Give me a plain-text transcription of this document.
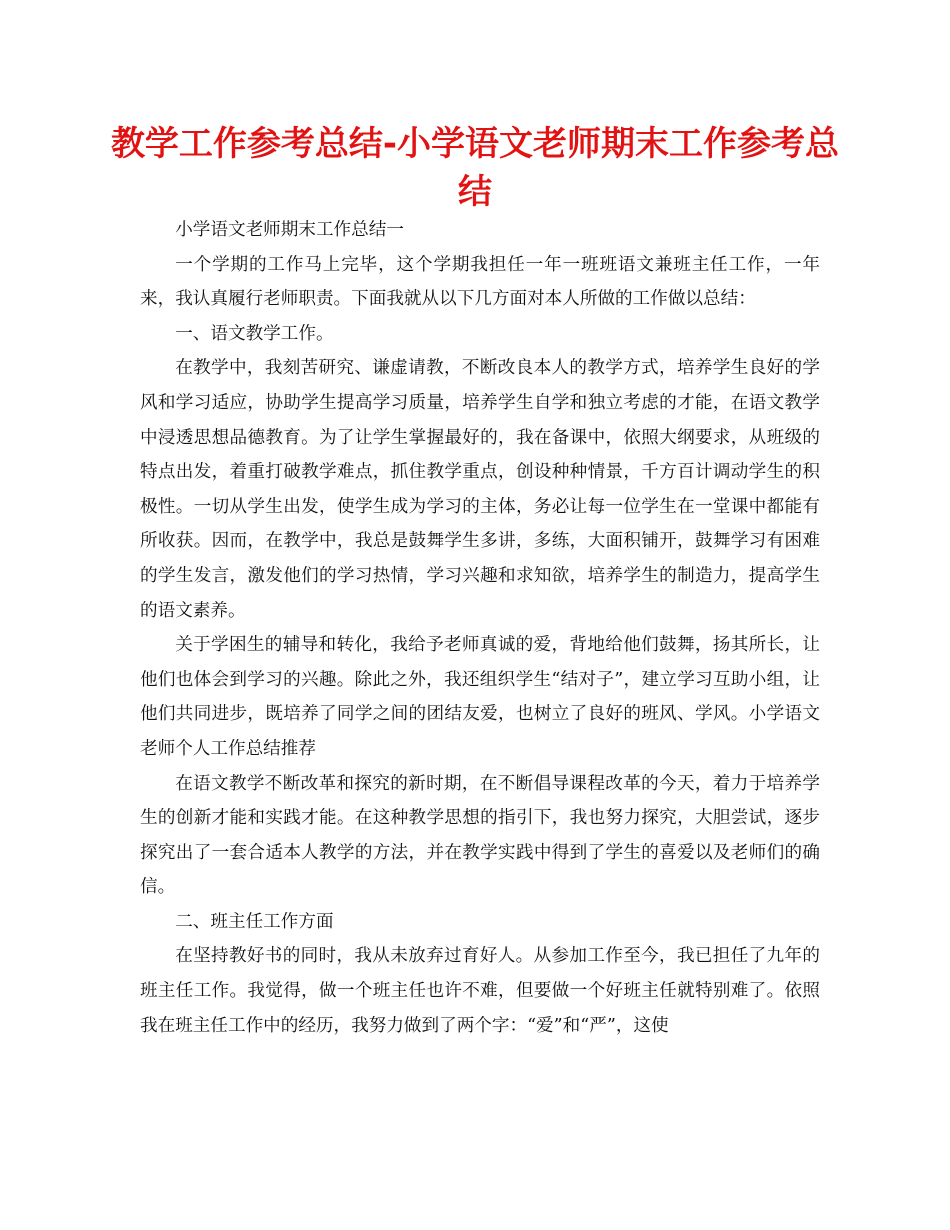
教学工作参考总结-小学语文老师期末工作参考总结

小学语文老师期末工作总结一

一个学期的工作马上完毕，这个学期我担任一年一班班语文兼班主任工作，一年来，我认真履行老师职责。下面我就从以下几方面对本人所做的工作做以总结：

一、语文教学工作。

在教学中，我刻苦研究、谦虚请教，不断改良本人的教学方式，培养学生良好的学风和学习适应，协助学生提高学习质量，培养学生自学和独立考虑的才能，在语文教学中浸透思想品德教育。为了让学生掌握最好的，我在备课中，依照大纲要求，从班级的特点出发，着重打破教学难点，抓住教学重点，创设种种情景，千方百计调动学生的积极性。一切从学生出发，使学生成为学习的主体，务必让每一位学生在一堂课中都能有所收获。因而，在教学中，我总是鼓舞学生多讲，多练，大面积铺开，鼓舞学习有困难的学生发言，激发他们的学习热情，学习兴趣和求知欲，培养学生的制造力，提高学生的语文素养。

关于学困生的辅导和转化，我给予老师真诚的爱，背地给他们鼓舞，扬其所长，让他们也体会到学习的兴趣。除此之外，我还组织学生“结对子”，建立学习互助小组，让他们共同进步，既培养了同学之间的团结友爱，也树立了良好的班风、学风。小学语文老师个人工作总结推荐

在语文教学不断改革和探究的新时期，在不断倡导课程改革的今天，着力于培养学生的创新才能和实践才能。在这种教学思想的指引下，我也努力探究，大胆尝试，逐步探究出了一套合适本人教学的方法，并在教学实践中得到了学生的喜爱以及老师们的确信。

二、班主任工作方面

在坚持教好书的同时，我从未放弃过育好人。从参加工作至今，我已担任了九年的班主任工作。我觉得，做一个班主任也许不难，但要做一个好班主任就特别难了。依照我在班主任工作中的经历，我努力做到了两个字：“爱”和“严”，这使
